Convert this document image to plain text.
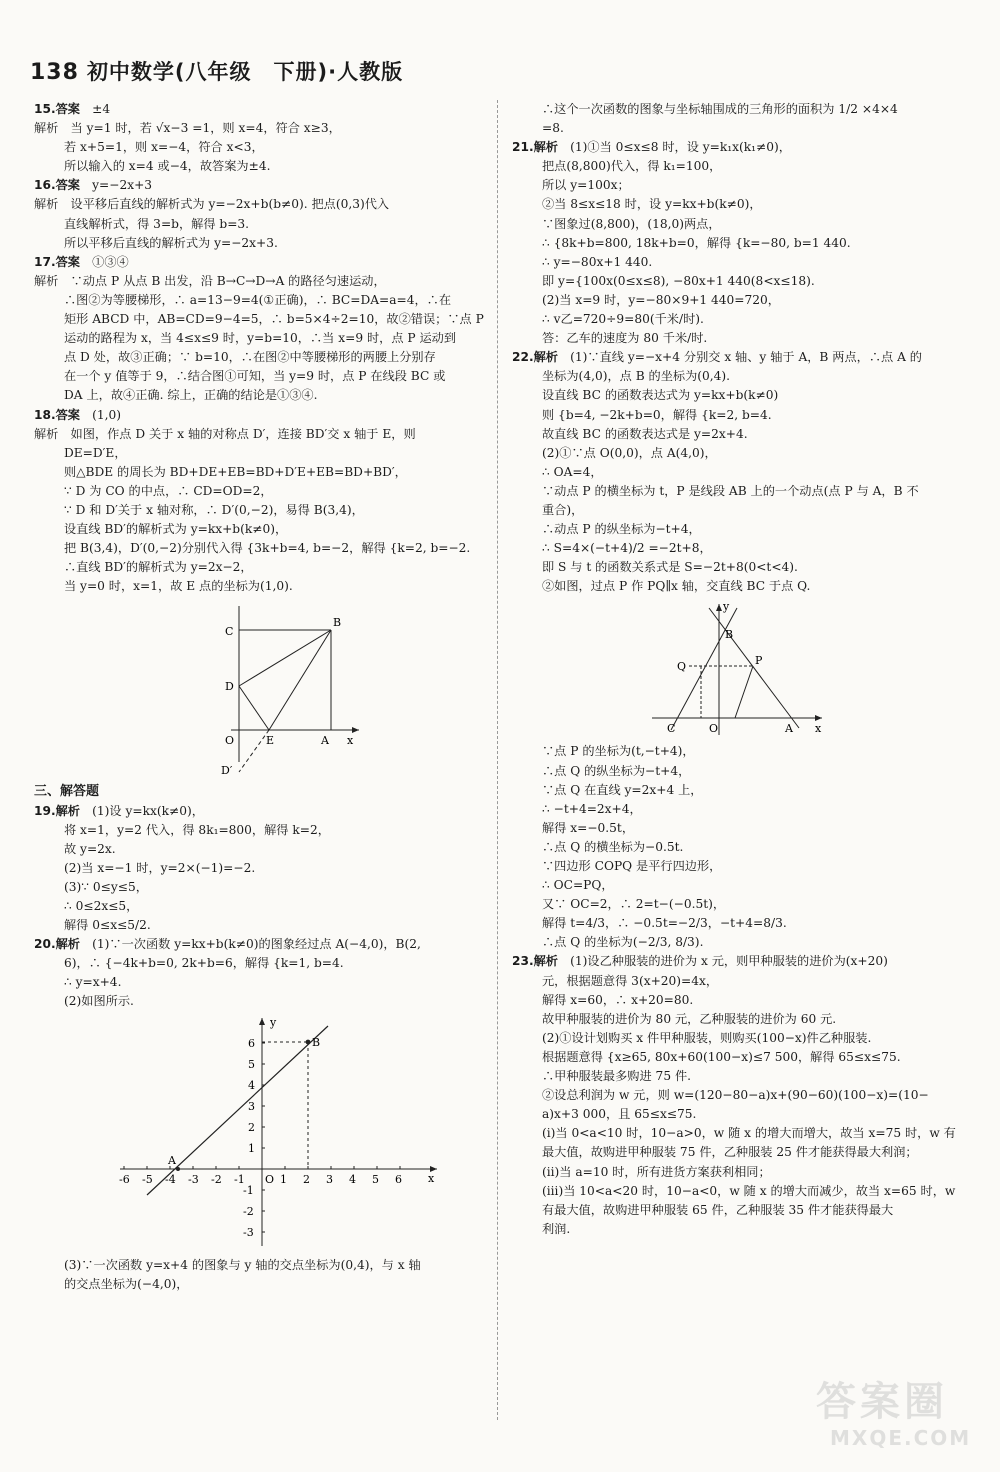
138 初中数学(八年级　下册)·人教版
15.答案　±4
解析　当 y=1 时，若 √x−3 =1，则 x=4，符合 x≥3，
若 x+5=1，则 x=−4，符合 x<3，
所以输入的 x=4 或−4，故答案为±4.
16.答案　y=−2x+3
解析　设平移后直线的解析式为 y=−2x+b(b≠0). 把点(0,3)代入
直线解析式，得 3=b，解得 b=3.
所以平移后直线的解析式为 y=−2x+3.
17.答案　①③④
解析　∵动点 P 从点 B 出发，沿 B→C→D→A 的路径匀速运动，
∴图②为等腰梯形，∴ a=13−9=4(①正确)，∴ BC=DA=a=4，∴在
矩形 ABCD 中，AB=CD=9−4=5，∴ b=5×4÷2=10，故②错误；∵点 P
运动的路程为 x，当 4≤x≤9 时，y=b=10，∴当 x=9 时，点 P 运动到
点 D 处，故③正确；∵ b=10，∴在图②中等腰梯形的两腰上分别存
在一个 y 值等于 9，∴结合图①可知，当 y=9 时，点 P 在线段 BC 或
DA 上，故④正确. 综上，正确的结论是①③④.
18.答案　(1,0)
解析　如图，作点 D 关于 x 轴的对称点 D′，连接 BD′交 x 轴于 E，则
DE=D′E，
则△BDE 的周长为 BD+DE+EB=BD+D′E+EB=BD+BD′，
∵ D 为 CO 的中点，∴ CD=OD=2，
∵ D 和 D′关于 x 轴对称，∴ D′(0,−2)，易得 B(3,4)，
设直线 BD′的解析式为 y=kx+b(k≠0)，
把 B(3,4)，D′(0,−2)分别代入得 {3k+b=4, b=−2，解得 {k=2, b=−2.
∴直线 BD′的解析式为 y=2x−2，
当 y=0 时，x=1，故 E 点的坐标为(1,0).
C
B
D
O	E	A x
D′
三、解答题
19.解析　(1)设 y=kx(k≠0)，
将 x=1，y=2 代入，得 8k₁=800，解得 k=2，
故 y=2x.
(2)当 x=−1 时，y=2×(−1)=−2.
(3)∵ 0≤y≤5，
∴ 0≤2x≤5，
解得 0≤x≤5/2.
20.解析　(1)∵一次函数 y=kx+b(k≠0)的图象经过点 A(−4,0)，B(2,
6)，∴ {−4k+b=0, 2k+b=6，解得 {k=1, b=4.
∴ y=x+4.
(2)如图所示.
-6 -5 -4 -3 -2 -1	1 2 3 4 5 6
6
5
4
3
2
1
-1
-2
-3
O
y
x
A
B
(3)∵一次函数 y=x+4 的图象与 y 轴的交点坐标为(0,4)，与 x 轴
的交点坐标为(−4,0)，
∴这个一次函数的图象与坐标轴围成的三角形的面积为 1/2 ×4×4
=8.
21.解析　(1)①当 0≤x≤8 时，设 y=k₁x(k₁≠0)，
把点(8,800)代入，得 k₁=100，
所以 y=100x；
②当 8≤x≤18 时，设 y=kx+b(k≠0)，
∵图象过(8,800)，(18,0)两点，
∴ {8k+b=800, 18k+b=0，解得 {k=−80, b=1 440.
∴ y=−80x+1 440.
即 y={100x(0≤x≤8), −80x+1 440(8<x≤18).
(2)当 x=9 时，y=−80×9+1 440=720，
∴ v乙=720÷9=80(千米/时).
答：乙车的速度为 80 千米/时.
22.解析　(1)∵直线 y=−x+4 分别交 x 轴、y 轴于 A，B 两点，∴点 A 的
坐标为(4,0)，点 B 的坐标为(0,4).
设直线 BC 的函数表达式为 y=kx+b(k≠0)
则 {b=4, −2k+b=0，解得 {k=2, b=4.
故直线 BC 的函数表达式是 y=2x+4.
(2)①∵点 O(0,0)，点 A(4,0)，
∴ OA=4，
∵动点 P 的横坐标为 t，P 是线段 AB 上的一个动点(点 P 与 A，B 不
重合)，
∴动点 P 的纵坐标为−t+4，
∴ S=4×(−t+4)/2 =−2t+8，
即 S 与 t 的函数关系式是 S=−2t+8(0<t<4).
②如图，过点 P 作 PQ∥x 轴，交直线 BC 于点 Q.
y
x
B
Q	P
C	O	A
∵点 P 的坐标为(t,−t+4)，
∴点 Q 的纵坐标为−t+4，
∵点 Q 在直线 y=2x+4 上，
∴ −t+4=2x+4，
解得 x=−0.5t，
∴点 Q 的横坐标为−0.5t.
∵四边形 COPQ 是平行四边形，
∴ OC=PQ，
又∵ OC=2，∴ 2=t−(−0.5t)，
解得 t=4/3，∴ −0.5t=−2/3，−t+4=8/3.
∴点 Q 的坐标为(−2/3, 8/3).
23.解析　(1)设乙种服装的进价为 x 元，则甲种服装的进价为(x+20)
元，根据题意得 3(x+20)=4x，
解得 x=60，∴ x+20=80.
故甲种服装的进价为 80 元，乙种服装的进价为 60 元.
(2)①设计划购买 x 件甲种服装，则购买(100−x)件乙种服装.
根据题意得 {x≥65, 80x+60(100−x)≤7 500，解得 65≤x≤75.
∴甲种服装最多购进 75 件.
②设总利润为 w 元，则 w=(120−80−a)x+(90−60)(100−x)=(10−
a)x+3 000，且 65≤x≤75.
(i)当 0<a<10 时，10−a>0，w 随 x 的增大而增大，故当 x=75 时，w 有
最大值，故购进甲种服装 75 件，乙种服装 25 件才能获得最大利润；
(ii)当 a=10 时，所有进货方案获利相同；
(iii)当 10<a<20 时，10−a<0，w 随 x 的增大而减少，故当 x=65 时，w
有最大值，故购进甲种服装 65 件，乙种服装 35 件才能获得最大
利润.
答案圈
MXQE.COM
